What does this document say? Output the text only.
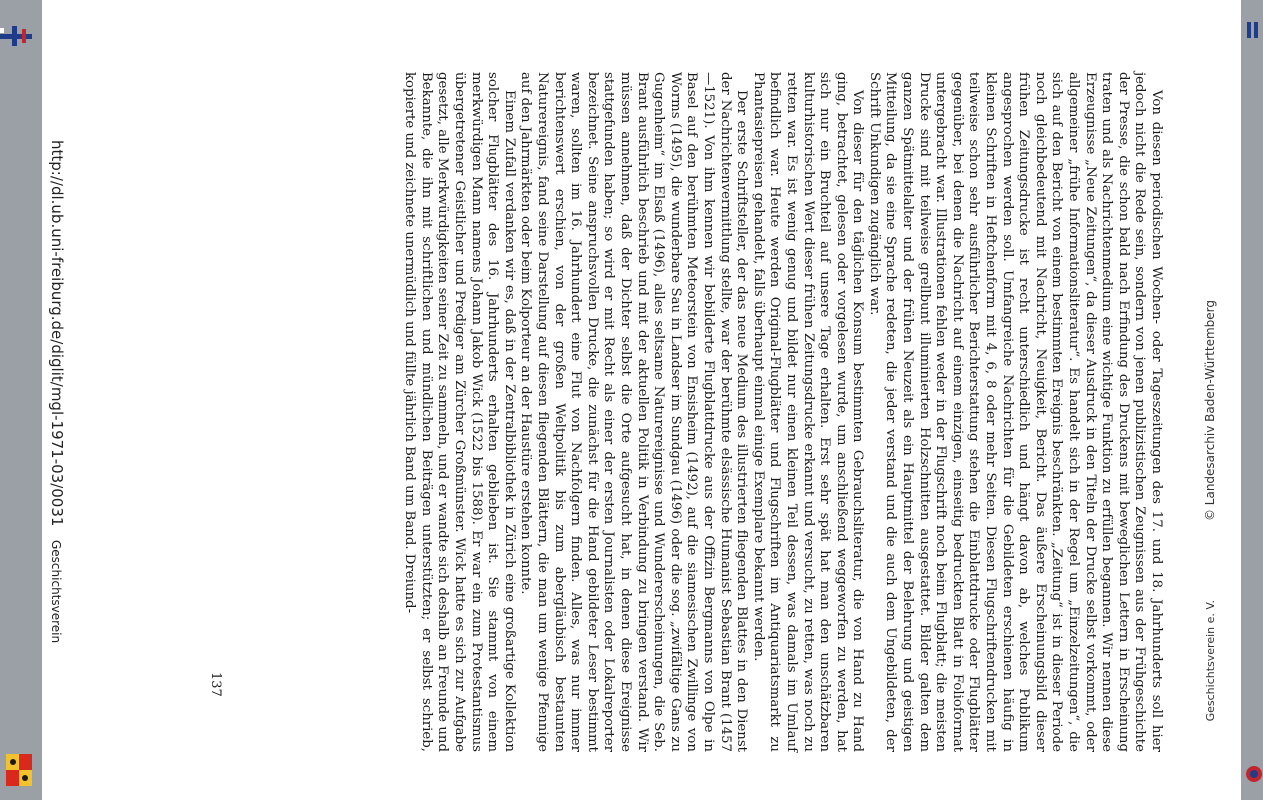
© Landesarchiv Baden-Württemberg
Geschichtsverein e. V.

Von diesen periodischen Wochen- oder Tageszeitungen des 17. und 18. Jahrhunderts soll hier jedoch nicht die Rede sein, sondern von jenen publizistischen Zeugnissen aus der Frühgeschichte der Presse, die schon bald nach Erfindung des Druckens mit beweglichen Lettern in Erscheinung traten und als Nachrichtenmedium eine wichtige Funktion zu erfüllen begannen. Wir nennen diese Erzeugnisse „Neue Zeitungen“, da dieser Ausdruck in den Titeln der Drucke selbst vorkommt, oder allgemeiner „frühe Informationsliteratur“. Es handelt sich in der Regel um „Einzelzeitungen“, die sich auf den Bericht von einem bestimmten Ereignis beschränkten. „Zeitung“ ist in dieser Periode noch gleichbedeutend mit Nachricht, Neuigkeit, Bericht. Das äußere Erscheinungsbild dieser frühen Zeitungsdrucke ist recht unterschiedlich und hängt davon ab, welches Publikum angesprochen werden soll. Umfangreiche Nachrichten für die Gebildeten erschienen häufig in kleinen Schriften in Heftchenform mit 4, 6, 8 oder mehr Seiten. Diesen Flugschriftendrucken mit teilweise schon sehr ausführlicher Berichterstattung stehen die Einblattdrucke oder Flugblätter gegenüber, bei denen die Nachricht auf einem einzigen, einseitig bedruckten Blatt in Folioformat untergebracht war. Illustrationen fehlen weder in der Flugschrift noch beim Flugblatt; die meisten Drucke sind mit teilweise grellbunt illuminierten Holzschnitten ausgestattet. Bilder galten dem ganzen Spätmittelalter und der frühen Neuzeit als ein Hauptmittel der Belehrung und geistigen Mitteilung, da sie eine Sprache redeten, die jeder verstand und die auch dem Ungebildeten, der Schrift Unkundigen zugänglich war.

Von dieser für den täglichen Konsum bestimmten Gebrauchsliteratur, die von Hand zu Hand ging, betrachtet, gelesen oder vorgelesen wurde, um anschließend weggeworfen zu werden, hat sich nur ein Bruchteil auf unsere Tage erhalten. Erst sehr spät hat man den unschätzbaren kulturhistorischen Wert dieser frühen Zeitungsdrucke erkannt und versucht, zu retten, was noch zu retten war. Es ist wenig genug und bildet nur einen kleinen Teil dessen, was damals im Umlauf befindlich war. Heute werden Original-Flugblätter und Flugschriften im Antiquariatsmarkt zu Phantasiepreisen gehandelt, falls überhaupt einmal einige Exemplare bekannt werden.

Der erste Schriftsteller, der das neue Medium des illustrierten fliegenden Blattes in den Dienst der Nachrichtenvermittlung stellte, war der berühmte elsässische Humanist Sebastian Brant (1457—1521). Von ihm kennen wir bebilderte Flugblattdrucke aus der Offizin Bergmanns von Olpe in Basel auf den berühmten Meteorstein von Ensisheim (1492), auf die siamesischen Zwillinge von Worms (1495), die wunderbare Sau in Landser im Sundgau (1496) oder die sog. „zwifältige Gans zu Gugenheim“ im Elsaß (1496), alles seltsame Naturereignisse und Wundererscheinungen, die Seb. Brant ausführlich beschrieb und mit der aktuellen Politik in Verbindung zu bringen verstand. Wir müssen annehmen, daß der Dichter selbst die Orte aufgesucht hat, in denen diese Ereignisse stattgefunden haben; so wird er mit Recht als einer der ersten Journalisten oder Lokalreporter bezeichnet. Seine anspruchsvollen Drucke, die zunächst für die Hand gebildeter Leser bestimmt waren, sollten im 16. Jahrhundert eine Flut von Nachfolgern finden. Alles, was nur immer berichtenswert erschien, von der großen Weltpolitik bis zum abergläubisch bestaunten Naturereignis, fand seine Darstellung auf diesen fliegenden Blättern, die man um wenige Pfennige auf den Jahrmärkten oder beim Kolporteur an der Haustüre erstehen konnte.

Einem Zufall verdanken wir es, daß in der Zentralbibliothek in Zürich eine großartige Kollektion solcher Flugblätter des 16. Jahrhunderts erhalten geblieben ist. Sie stammt von einem merkwürdigen Mann namens Johann Jakob Wick (1522 bis 1588). Er war ein zum Protestantismus übergetretener Geistlicher und Prediger am Zürcher Großmünster. Wick hatte es sich zur Aufgabe gesetzt, alle Merkwürdigkeiten seiner Zeit zu sammeln, und er wandte sich deshalb an Freunde und Bekannte, die ihn mit schriftlichen und mündlichen Beiträgen unterstützten; er selbst schrieb, kopierte und zeichnete unermüdlich und füllte jährlich Band um Band. Dreiund-

137
http://dl.ub.uni-freiburg.de/diglit/mgl-1971-03/0031
Geschichtsverein
